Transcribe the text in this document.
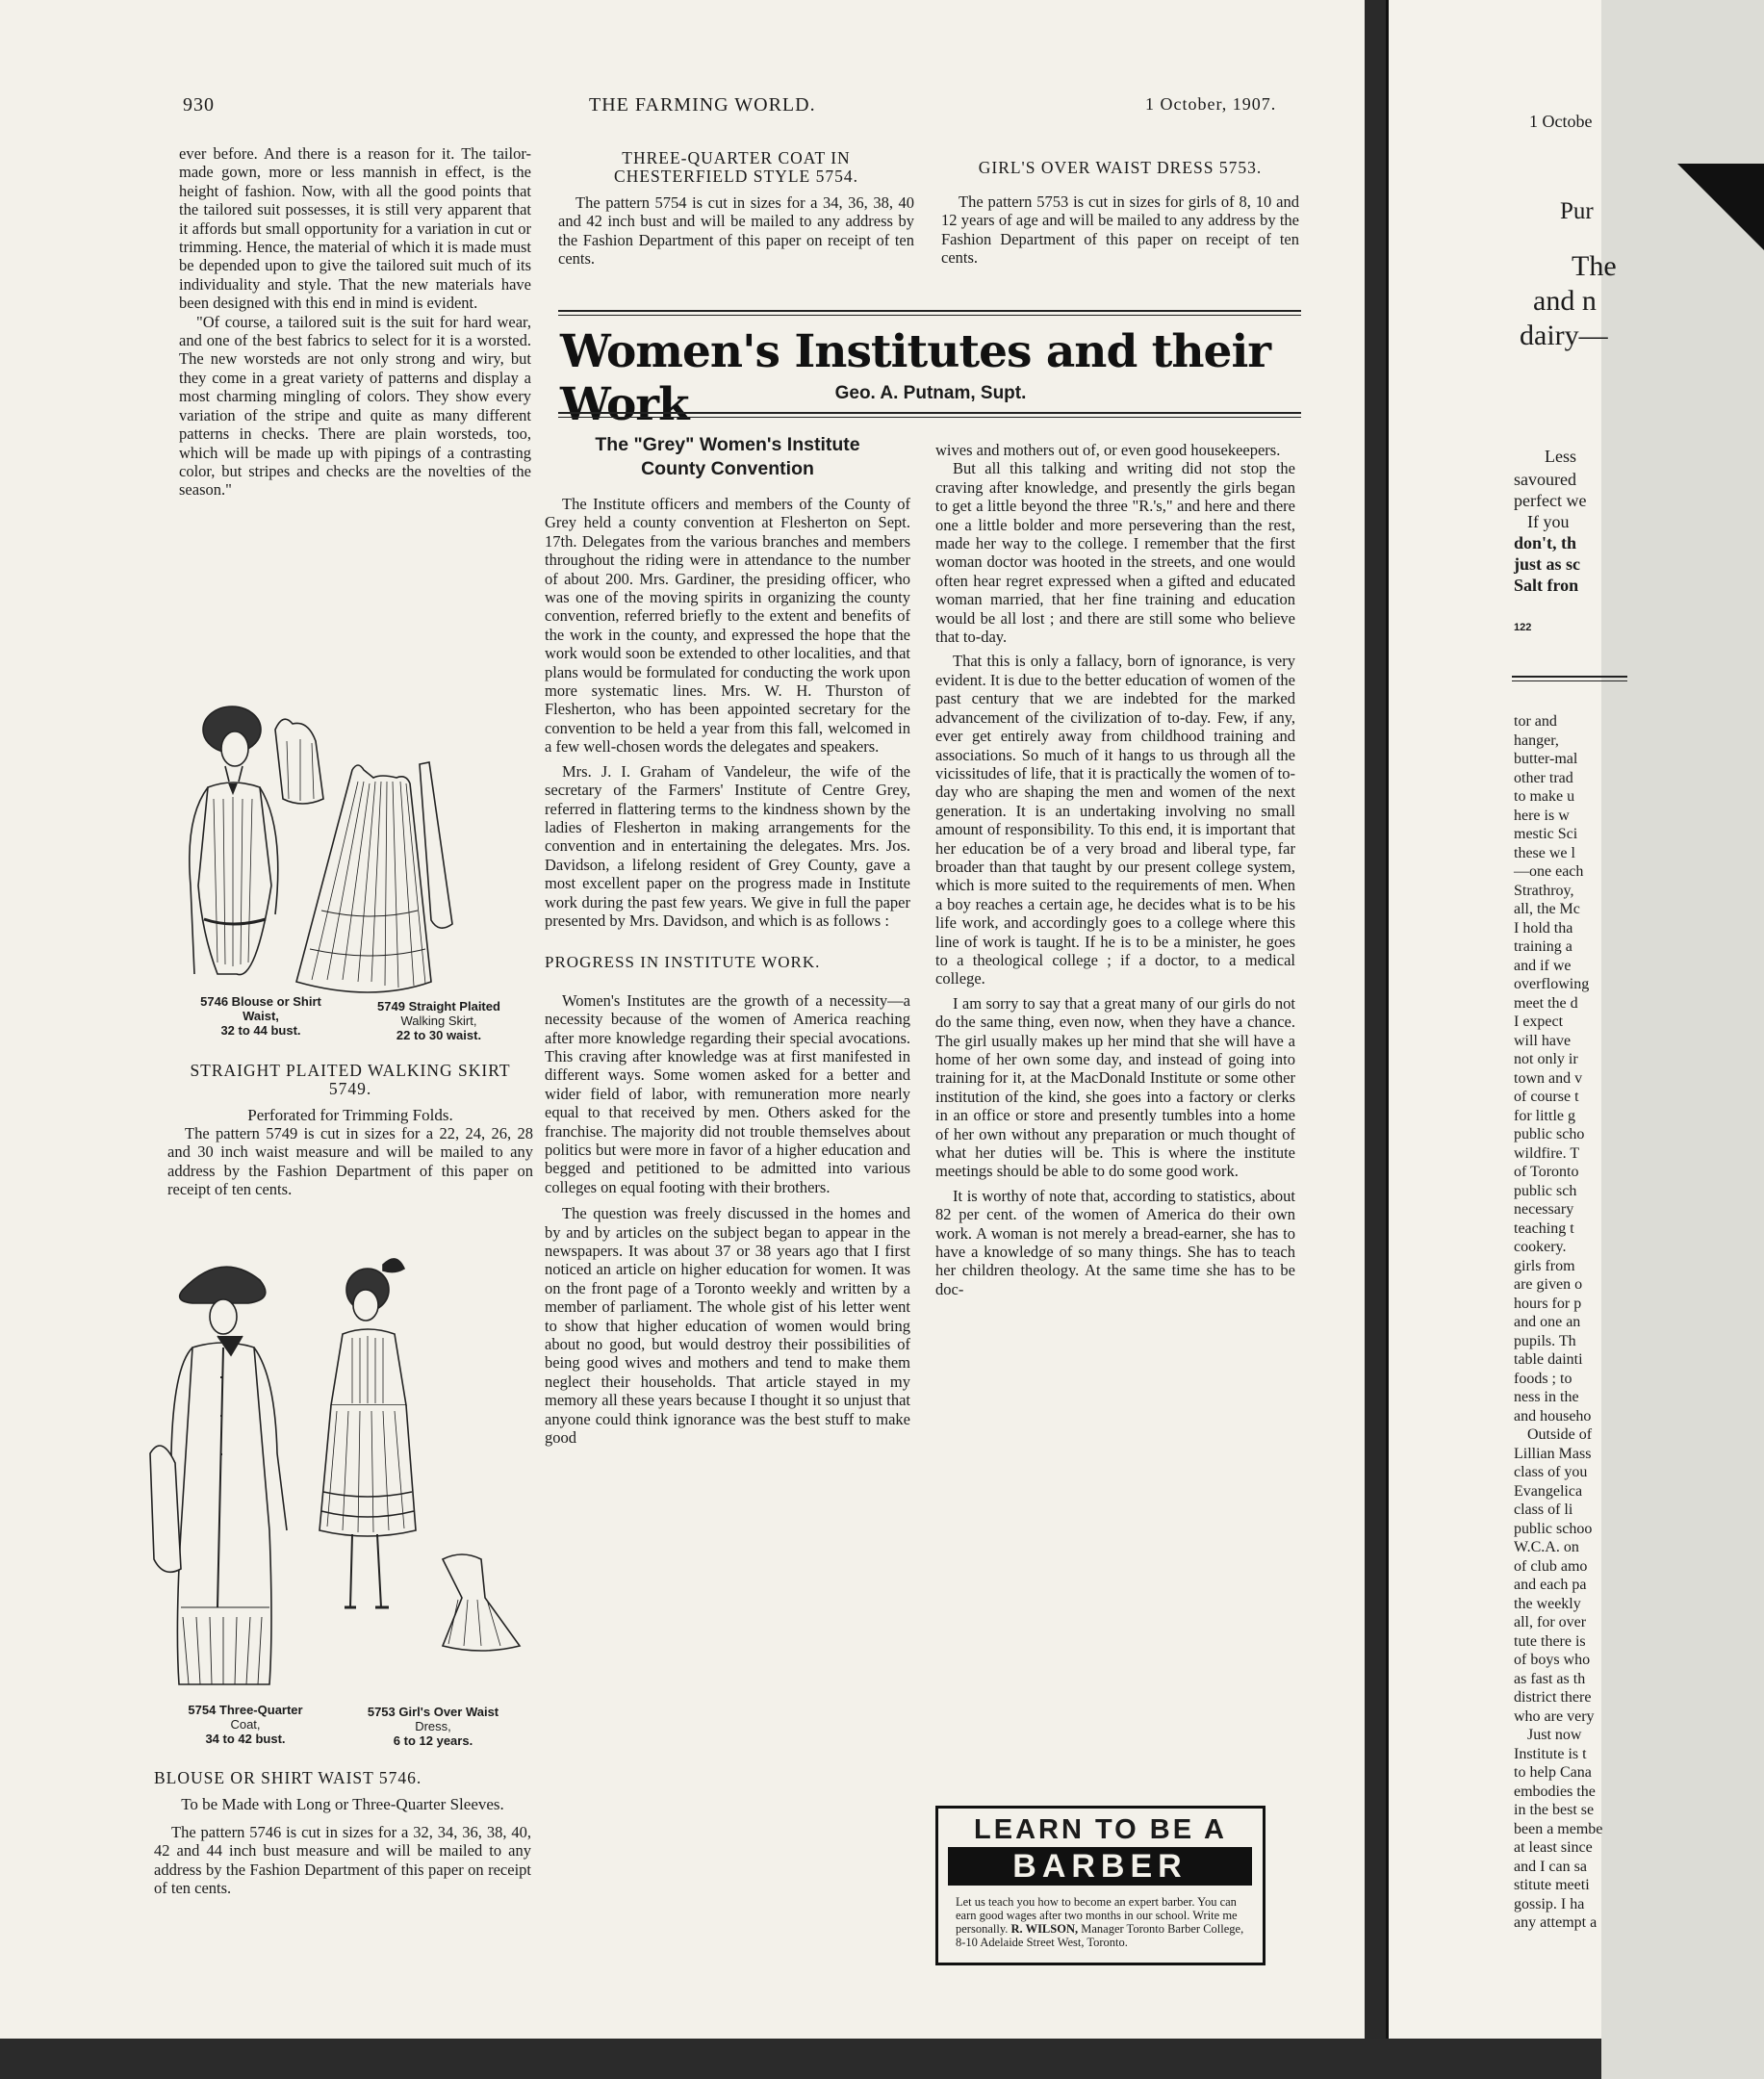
930	THE FARMING WORLD.	1 October, 1907.

ever before. And there is a reason for it. The tailor-made gown, more or less mannish in effect, is the height of fashion. Now, with all the good points that the tailored suit possesses, it is still very apparent that it affords but small opportunity for a variation in cut or trimming. Hence, the material of which it is made must be depended upon to give the tailored suit much of its individuality and style. That the new materials have been designed with this end in mind is evident.

"Of course, a tailored suit is the suit for hard wear, and one of the best fabrics to select for it is a worsted. The new worsteds are not only strong and wiry, but they come in a great variety of patterns and display a most charming mingling of colors. They show every variation of the stripe and quite as many different patterns in checks. There are plain worsteds, too, which will be made up with pipings of a contrasting color, but stripes and checks are the novelties of the season."

5746 Blouse or Shirt
Waist,
32 to 44 bust.
5749 Straight Plaited
Walking Skirt,
22 to 30 waist.
STRAIGHT PLAITED WALKING SKIRT 5749.

Perforated for Trimming Folds.

The pattern 5749 is cut in sizes for a 22, 24, 26, 28 and 30 inch waist measure and will be mailed to any address by the Fashion Department of this paper on receipt of ten cents.

5754 Three-Quarter
Coat,
34 to 42 bust.
5753 Girl's Over Waist
Dress,
6 to 12 years.
BLOUSE OR SHIRT WAIST 5746.

To be Made with Long or Three-Quarter Sleeves.

The pattern 5746 is cut in sizes for a 32, 34, 36, 38, 40, 42 and 44 inch bust measure and will be mailed to any address by the Fashion Department of this paper on receipt of ten cents.

THREE-QUARTER COAT IN CHESTERFIELD STYLE 5754.

The pattern 5754 is cut in sizes for a 34, 36, 38, 40 and 42 inch bust and will be mailed to any address by the Fashion Department of this paper on receipt of ten cents.

GIRL'S OVER WAIST DRESS 5753.

The pattern 5753 is cut in sizes for girls of 8, 10 and 12 years of age and will be mailed to any address by the Fashion Department of this paper on receipt of ten cents.

Women's Institutes and their Work	Geo. A. Putnam, Supt.
The "Grey" Women's Institute County Convention

The Institute officers and members of the County of Grey held a county convention at Flesherton on Sept. 17th. Delegates from the various branches and members throughout the riding were in attendance to the number of about 200. Mrs. Gardiner, the presiding officer, who was one of the moving spirits in organizing the county convention, referred briefly to the extent and benefits of the work in the county, and expressed the hope that the work would soon be extended to other localities, and that plans would be formulated for conducting the work upon more systematic lines. Mrs. W. H. Thurston of Flesherton, who has been appointed secretary for the convention to be held a year from this fall, welcomed in a few well-chosen words the delegates and speakers.

Mrs. J. I. Graham of Vandeleur, the wife of the secretary of the Farmers' Institute of Centre Grey, referred in flattering terms to the kindness shown by the ladies of Flesherton in making arrangements for the convention and in entertaining the delegates. Mrs. Jos. Davidson, a lifelong resident of Grey County, gave a most excellent paper on the progress made in Institute work during the past few years. We give in full the paper presented by Mrs. Davidson, and which is as follows :

PROGRESS IN INSTITUTE WORK.

Women's Institutes are the growth of a necessity—a necessity because of the women of America reaching after more knowledge regarding their special avocations. This craving after knowledge was at first manifested in different ways. Some women asked for a better and wider field of labor, with remuneration more nearly equal to that received by men. Others asked for the franchise. The majority did not trouble themselves about politics but were more in favor of a higher education and begged and petitioned to be admitted into various colleges on equal footing with their brothers.

The question was freely discussed in the homes and by and by articles on the subject began to appear in the newspapers. It was about 37 or 38 years ago that I first noticed an article on higher education for women. It was on the front page of a Toronto weekly and written by a member of parliament. The whole gist of his letter went to show that higher education of women would bring about no good, but would destroy their possibilities of being good wives and mothers and tend to make them neglect their households. That article stayed in my memory all these years because I thought it so unjust that anyone could think ignorance was the best stuff to make good

wives and mothers out of, or even good housekeepers.

But all this talking and writing did not stop the craving after knowledge, and presently the girls began to get a little beyond the three "R.'s," and here and there one a little bolder and more persevering than the rest, made her way to the college. I remember that the first woman doctor was hooted in the streets, and one would often hear regret expressed when a gifted and educated woman married, that her fine training and education would be all lost ; and there are still some who believe that to-day.

That this is only a fallacy, born of ignorance, is very evident. It is due to the better education of women of the past century that we are indebted for the marked advancement of the civilization of to-day. Few, if any, ever get entirely away from childhood training and associations. So much of it hangs to us through all the vicissitudes of life, that it is practically the women of to-day who are shaping the men and women of the next generation. It is an undertaking involving no small amount of responsibility. To this end, it is important that her education be of a very broad and liberal type, far broader than that taught by our present college system, which is more suited to the requirements of men. When a boy reaches a certain age, he decides what is to be his life work, and accordingly goes to a college where this line of work is taught. If he is to be a minister, he goes to a theological college ; if a doctor, to a medical college.

I am sorry to say that a great many of our girls do not do the same thing, even now, when they have a chance. The girl usually makes up her mind that she will have a home of her own some day, and instead of going into training for it, at the MacDonald Institute or some other institution of the kind, she goes into a factory or clerks in an office or store and presently tumbles into a home of her own without any preparation or much thought of what her duties will be. This is where the institute meetings should be able to do some good work.

It is worthy of note that, according to statistics, about 82 per cent. of the women of America do their own work. A woman is not merely a bread-earner, she has to have a knowledge of so many things. She has to teach her children theology. At the same time she has to be doc-

LEARN TO BE A
BARBER
Let us teach you how to become an expert barber. You can earn good wages after two months in our school. Write me personally. R. WILSON, Manager Toronto Barber College, 8-10 Adelaide Street West, Toronto.
1 Octobe
Pur
The
and n
dairy—
Less
savoured
perfect we
If you
don't, th
just as sc
Salt fron
122
tor and
hanger,
butter-mal
other trad
to make u
here is w
mestic Sci
these we l
—one each
Strathroy,
all, the Mc
I hold tha
training a
and if we
overflowing
meet the d
I expect
will have
not only ir
town and v
of course t
for little g
public scho
wildfire. T
of Toronto
public sch
necessary
teaching t
cookery.
girls from
are given o
hours for p
and one an
pupils. Th
table dainti
foods ; to
ness in the
and househo
Outside of
Lillian Mass
class of you
Evangelica
class of li
public schoo
W.C.A. on
of club amo
and each pa
the weekly
all, for over
tute there is
of boys who
as fast as th
district there
who are very
Just now
Institute is t
to help Cana
embodies the
in the best se
been a membe
at least since
and I can sa
stitute meeti
gossip. I ha
any attempt a
